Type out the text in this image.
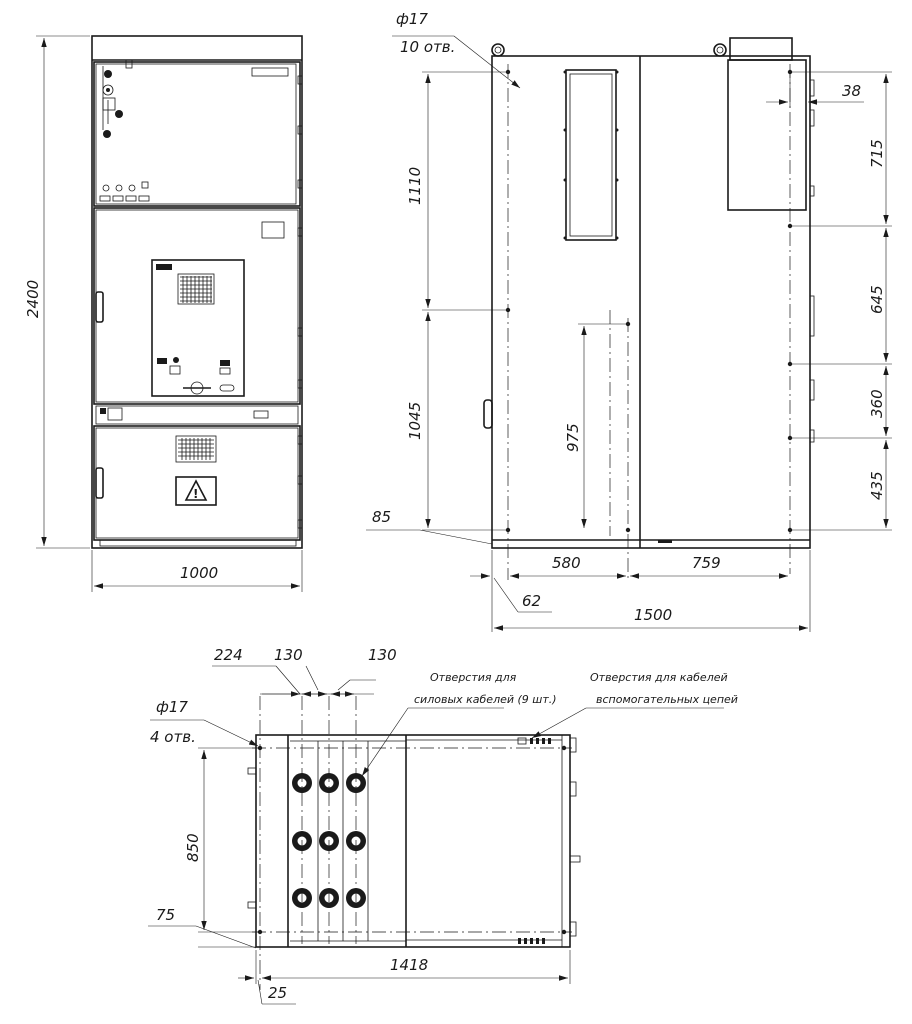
!
2400
1000
ф17
10 отв.
1110
1045	975
85
715
645
360
435
38
580	759
62
1500
224 130	130
ф17
4 отв.
850
75
1418
25
Отверстия для
силовых кабелей (9 шт.)
Отверстия для кабелей
вспомогательных цепей
